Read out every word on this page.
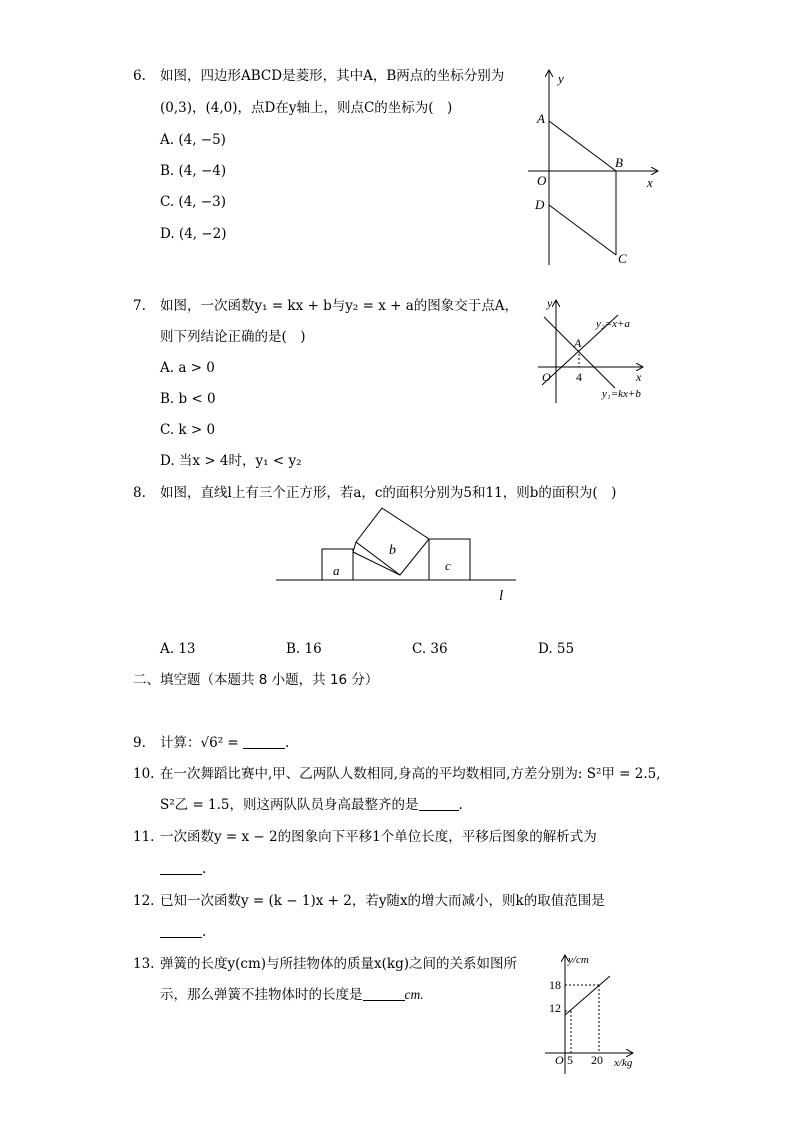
6. 如图，四边形ABCD是菱形，其中A，B两点的坐标分别为
(0,3)，(4,0)，点D在y轴上，则点C的坐标为(　)
A. (4, −5)
B. (4, −4)
C. (4, −3)
D. (4, −2)
y
A
B
O	x
D
C
7. 如图，一次函数y₁ = kx + b与y₂ = x + a的图象交于点A，
则下列结论正确的是(　)
A. a > 0
B. b < 0
C. k > 0
D. 当x > 4时，y₁ < y₂
y
y₂=x+a
A
O 4	x
y₁=kx+b
8. 如图，直线l上有三个正方形，若a，c的面积分别为5和11，则b的面积为(　)
a
b
c
l
A. 13	B. 16	C. 36	D. 55
二、填空题（本题共 8 小题，共 16 分）
9. 计算：√6² =	.
10. 在一次舞蹈比赛中,甲、乙两队人数相同,身高的平均数相同,方差分别为: S²甲 = 2.5,
S²乙 = 1.5，则这两队队员身高最整齐的是	.
11. 一次函数y = x − 2的图象向下平移1个单位长度，平移后图象的解析式为
.
12. 已知一次函数y = (k − 1)x + 2，若y随x的增大而减小，则k的取值范围是
.
13. 弹簧的长度y(cm)与所挂物体的质量x(kg)之间的关系如图所
示，那么弹簧不挂物体时的长度是	cm.
y/cm
18
12
O 5 20 x/kg
